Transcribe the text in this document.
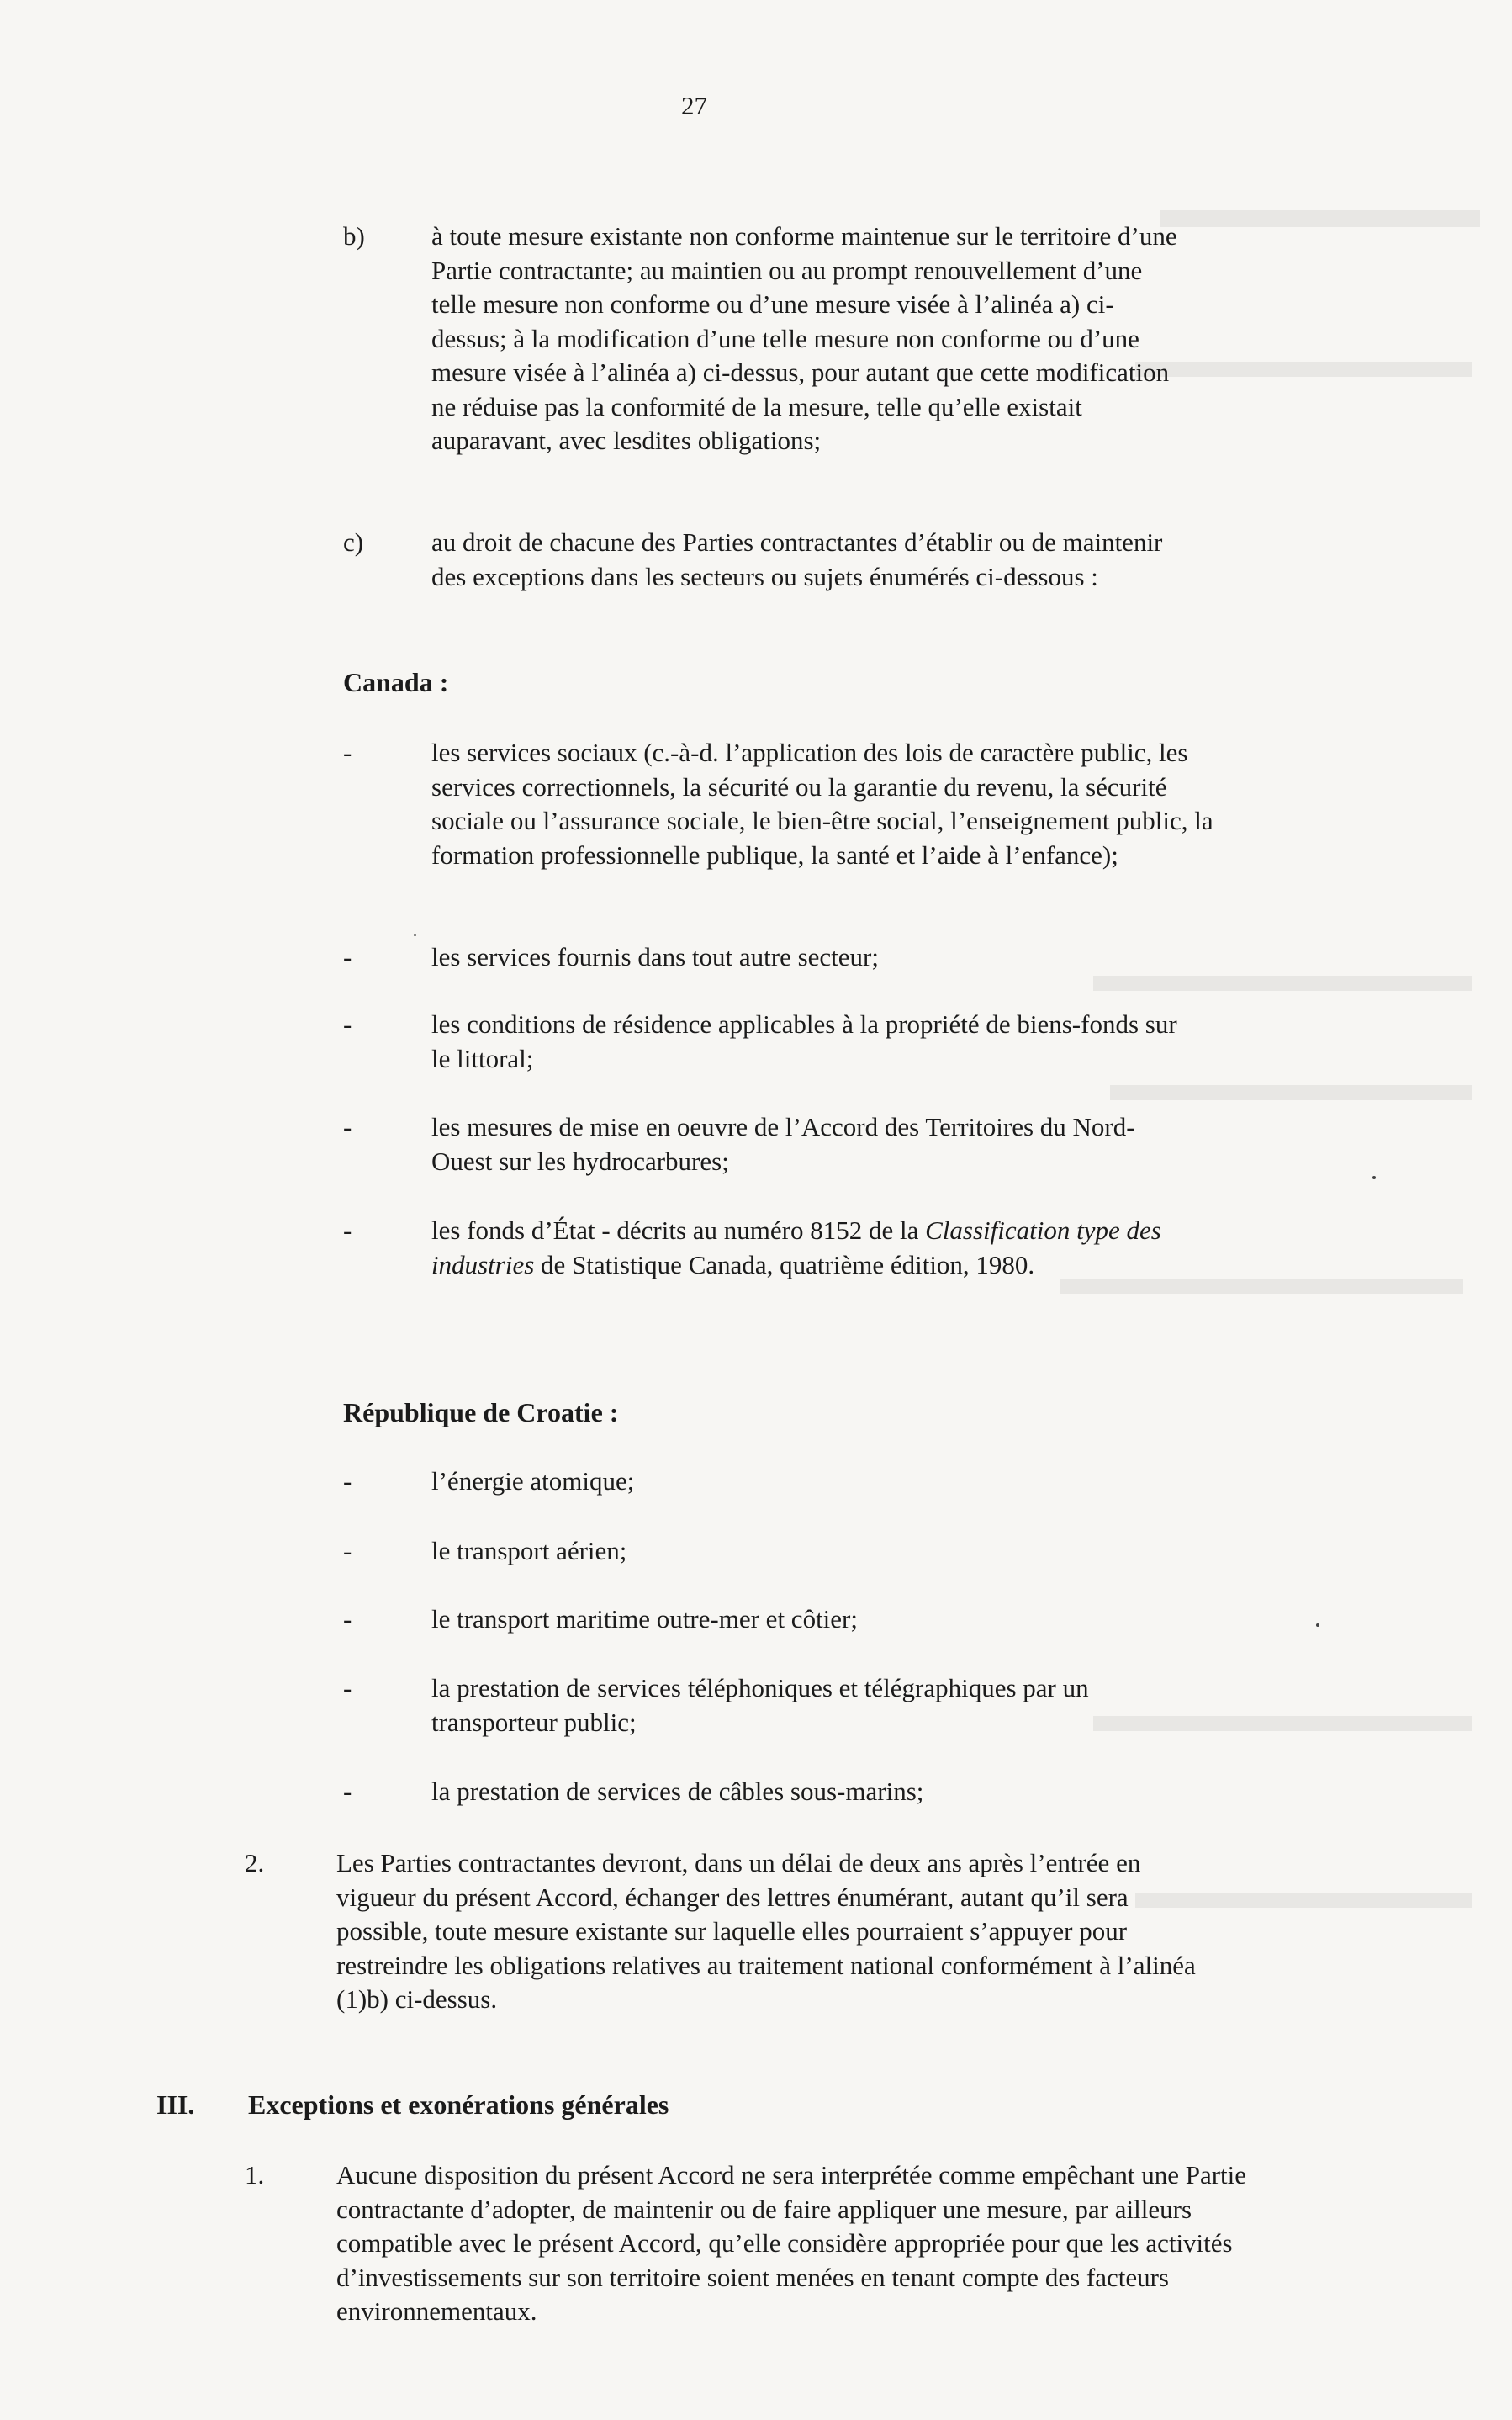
27
b)	à toute mesure existante non conforme maintenue sur le territoire d’une Partie contractante; au maintien ou au prompt renouvellement d’une telle mesure non conforme ou d’une mesure visée à l’alinéa a) ci-dessus; à la modification d’une telle mesure non conforme ou d’une mesure visée à l’alinéa a) ci-dessus, pour autant que cette modification ne réduise pas la conformité de la mesure, telle qu’elle existait auparavant, avec lesdites obligations;
c)	au droit de chacune des Parties contractantes d’établir ou de maintenir des exceptions dans les secteurs ou sujets énumérés ci-dessous :
Canada :
-	les services sociaux (c.-à-d. l’application des lois de caractère public, les services correctionnels, la sécurité ou la garantie du revenu, la sécurité sociale ou l’assurance sociale, le bien-être social, l’enseignement public, la formation professionnelle publique, la santé et l’aide à l’enfance);
-	les services fournis dans tout autre secteur;
-	les conditions de résidence applicables à la propriété de biens-fonds sur le littoral;
-	les mesures de mise en oeuvre de l’Accord des Territoires du Nord-Ouest sur les hydrocarbures;
-	les fonds d’État - décrits au numéro 8152 de la Classification type des industries de Statistique Canada, quatrième édition, 1980.
République de Croatie :
-	l’énergie atomique;
-	le transport aérien;
-	le transport maritime outre-mer et côtier;
-	la prestation de services téléphoniques et télégraphiques par un transporteur public;
-	la prestation de services de câbles sous-marins;
2.	Les Parties contractantes devront, dans un délai de deux ans après l’entrée en vigueur du présent Accord, échanger des lettres énumérant, autant qu’il sera possible, toute mesure existante sur laquelle elles pourraient s’appuyer pour restreindre les obligations relatives au traitement national conformément à l’alinéa (1)b) ci-dessus.
III. Exceptions et exonérations générales
1.	Aucune disposition du présent Accord ne sera interprétée comme empêchant une Partie contractante d’adopter, de maintenir ou de faire appliquer une mesure, par ailleurs compatible avec le présent Accord, qu’elle considère appropriée pour que les activités d’investissements sur son territoire soient menées en tenant compte des facteurs environnementaux.
